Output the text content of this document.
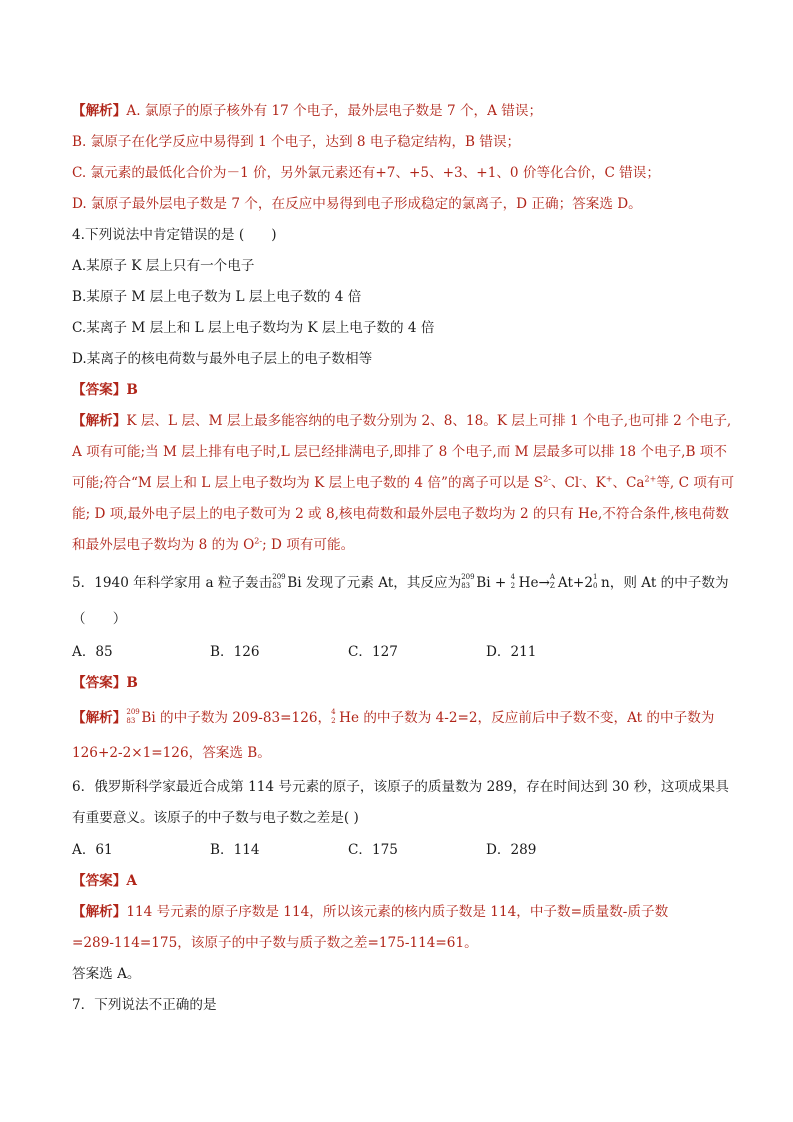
【解析】A. 氯原子的原子核外有 17 个电子，最外层电子数是 7 个，A 错误；
B. 氯原子在化学反应中易得到 1 个电子，达到 8 电子稳定结构，B 错误；
C. 氯元素的最低化合价为－1 价，另外氯元素还有+7、+5、+3、+1、0 价等化合价，C 错误；
D. 氯原子最外层电子数是 7 个，在反应中易得到电子形成稳定的氯离子，D 正确；答案选 D。
4.下列说法中肯定错误的是 (　　)
A.某原子 K 层上只有一个电子
B.某原子 M 层上电子数为 L 层上电子数的 4 倍
C.某离子 M 层上和 L 层上电子数均为 K 层上电子数的 4 倍
D.某离子的核电荷数与最外电子层上的电子数相等
【答案】B
【解析】K 层、L 层、M 层上最多能容纳的电子数分别为 2、8、18。K 层上可排 1 个电子,也可排 2 个电子,
A 项有可能;当 M 层上排有电子时,L 层已经排满电子,即排了 8 个电子,而 M 层最多可以排 18 个电子,B 项不
可能;符合“M 层上和 L 层上电子数均为 K 层上电子数的 4 倍”的离子可以是 $S^{2-}$、Cl-、K+、$Ca^{2+}$等, C 项有可
能; D 项,最外电子层上的电子数可为 2 或 8,核电荷数和最外层电子数均为 2 的只有 He,不符合条件,核电荷数
和最外层电子数均为 8 的为 $O^{2-}$; D 项有可能。
5．1940 年科学家用 a 粒子轰击 209
83 Bi 发现了元素 At，其反应为 209
83 Bi + 4
2 He→ A
Z At+2 1
0 n，则 At 的中子数为
（　　）
A．85	B．126	C．127	D．211
【答案】B
【解析】 209
83 Bi 的中子数为 209-83=126， 4
2 He 的中子数为 4-2=2，反应前后中子数不变，At 的中子数为
126+2-2×1=126，答案选 B。
6．俄罗斯科学家最近合成第 114 号元素的原子，该原子的质量数为 289，存在时间达到 30 秒，这项成果具
有重要意义。该原子的中子数与电子数之差是( )
A．61	B．114	C．175	D．289
【答案】A
【解析】114 号元素的原子序数是 114，所以该元素的核内质子数是 114，中子数=质量数-质子数
=289-114=175，该原子的中子数与质子数之差=175-114=61。
答案选 A。
7．下列说法不正确的是
